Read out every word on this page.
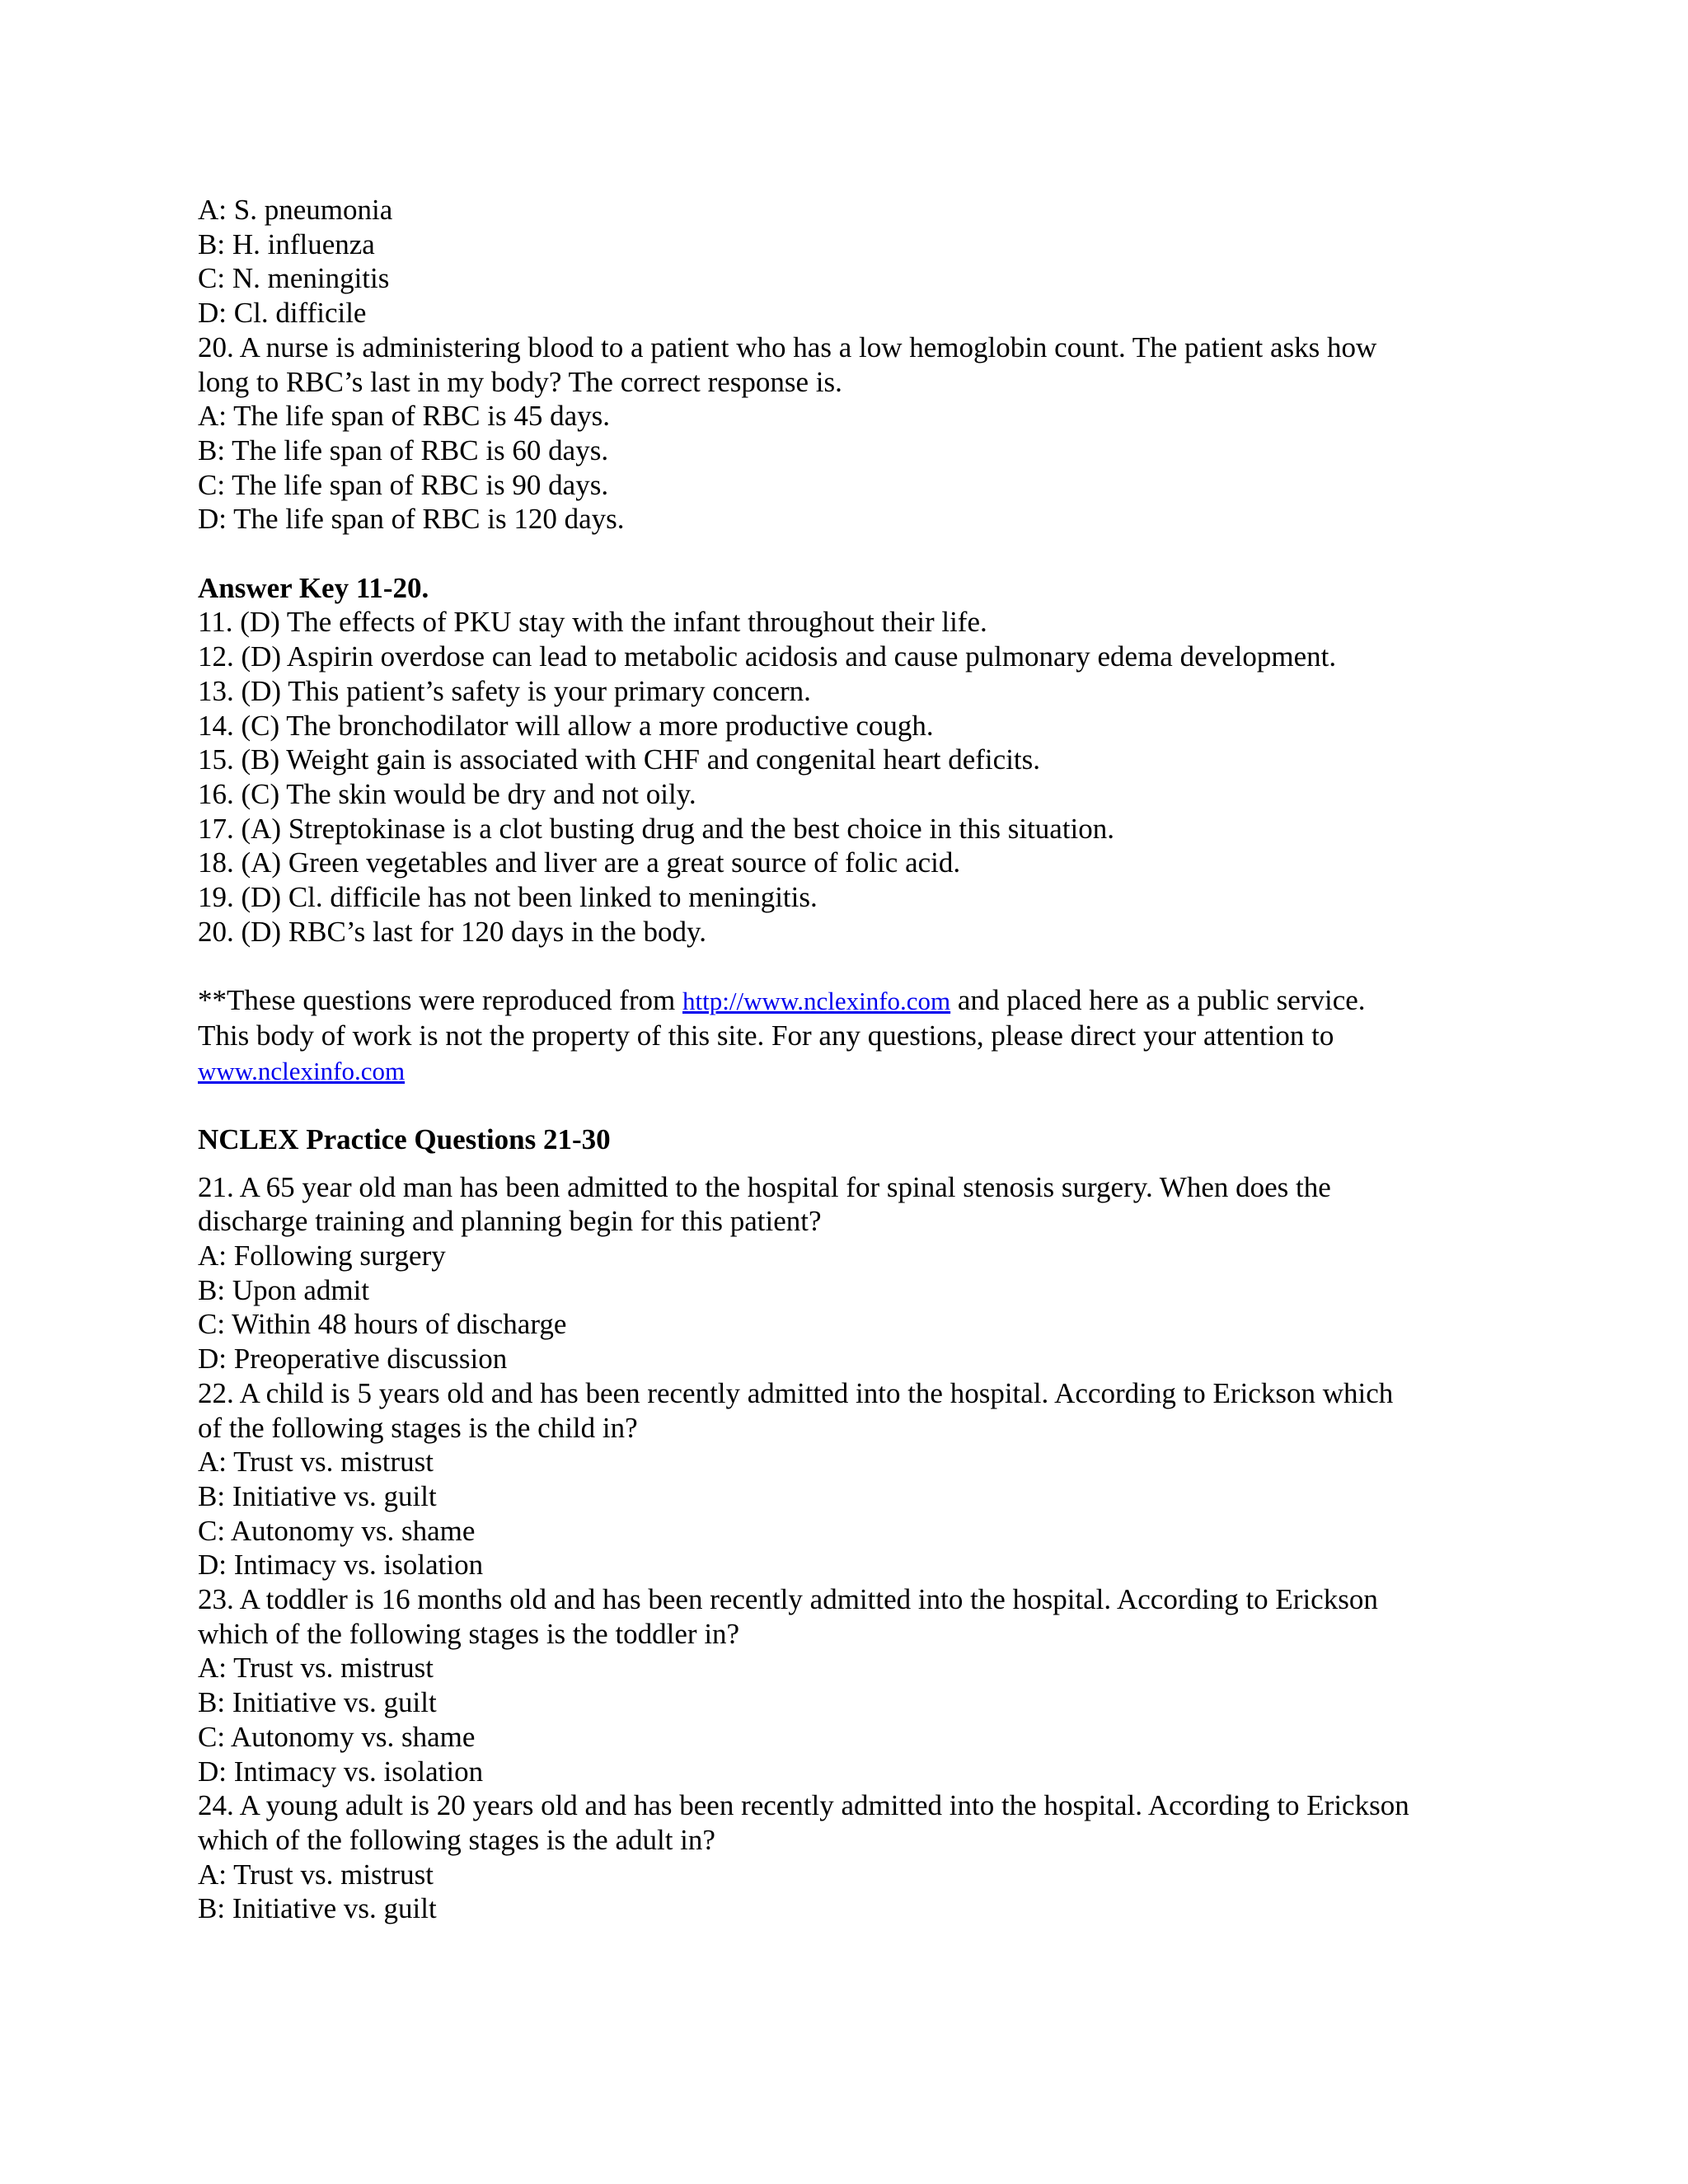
A: S. pneumonia
B: H. influenza
C: N. meningitis
D: Cl. difficile
20. A nurse is administering blood to a patient who has a low hemoglobin count. The patient asks how
long to RBC’s last in my body? The correct response is.
A: The life span of RBC is 45 days.
B: The life span of RBC is 60 days.
C: The life span of RBC is 90 days.
D: The life span of RBC is 120 days.
Answer Key 11-20.
11. (D) The effects of PKU stay with the infant throughout their life.
12. (D) Aspirin overdose can lead to metabolic acidosis and cause pulmonary edema development.
13. (D) This patient’s safety is your primary concern.
14. (C) The bronchodilator will allow a more productive cough.
15. (B) Weight gain is associated with CHF and congenital heart deficits.
16. (C) The skin would be dry and not oily.
17. (A) Streptokinase is a clot busting drug and the best choice in this situation.
18. (A) Green vegetables and liver are a great source of folic acid.
19. (D) Cl. difficile has not been linked to meningitis.
20. (D) RBC’s last for 120 days in the body.
**These questions were reproduced from http://www.nclexinfo.com and placed here as a public service.
This body of work is not the property of this site. For any questions, please direct your attention to
www.nclexinfo.com
NCLEX Practice Questions 21-30
21. A 65 year old man has been admitted to the hospital for spinal stenosis surgery. When does the
discharge training and planning begin for this patient?
A: Following surgery
B: Upon admit
C: Within 48 hours of discharge
D: Preoperative discussion
22. A child is 5 years old and has been recently admitted into the hospital. According to Erickson which
of the following stages is the child in?
A: Trust vs. mistrust
B: Initiative vs. guilt
C: Autonomy vs. shame
D: Intimacy vs. isolation
23. A toddler is 16 months old and has been recently admitted into the hospital. According to Erickson
which of the following stages is the toddler in?
A: Trust vs. mistrust
B: Initiative vs. guilt
C: Autonomy vs. shame
D: Intimacy vs. isolation
24. A young adult is 20 years old and has been recently admitted into the hospital. According to Erickson
which of the following stages is the adult in?
A: Trust vs. mistrust
B: Initiative vs. guilt
